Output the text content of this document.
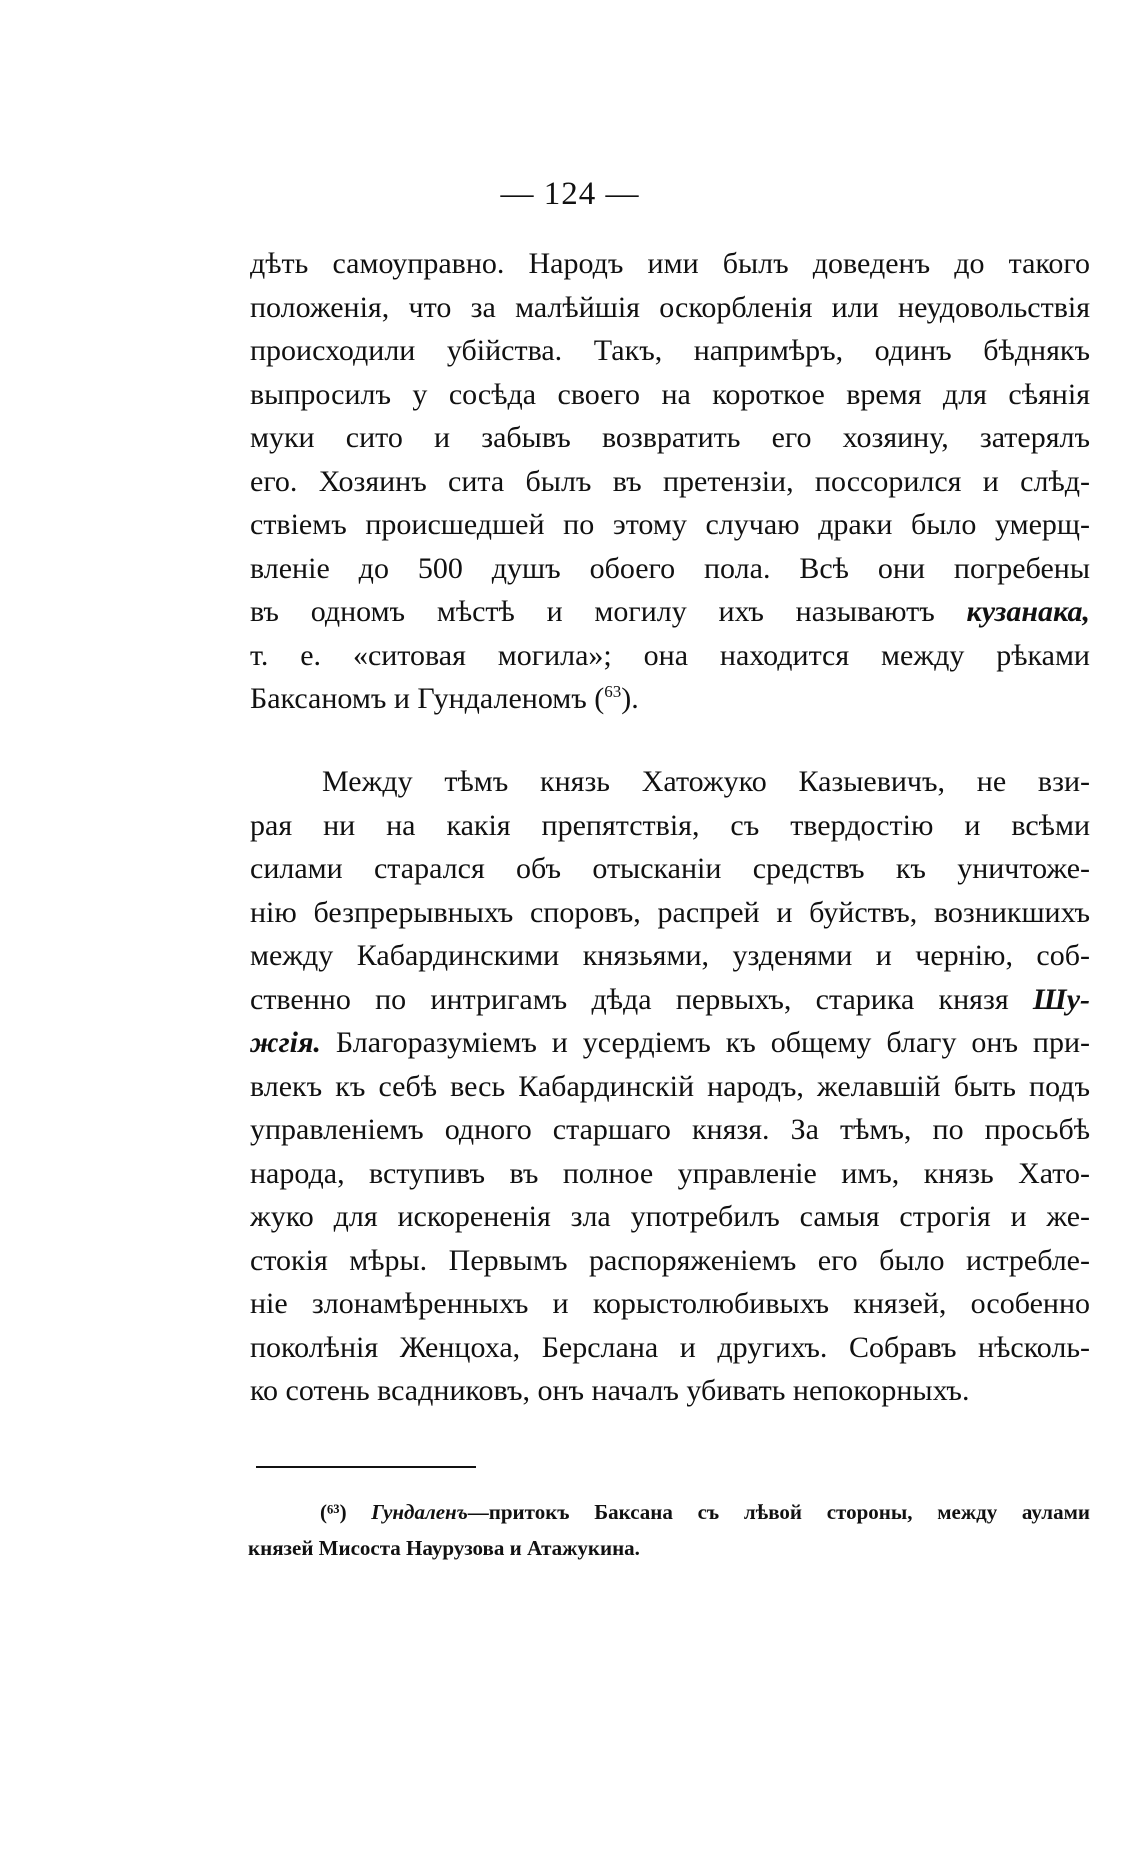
— 124 —
дѣть самоуправно. Народъ ими былъ доведенъ до такого
положенія, что за малѣйшія оскорбленія или неудовольствія
происходили убійства. Такъ, напримѣръ, одинъ бѣднякъ
выпросилъ у сосѣда своего на короткое время для сѣянія
муки сито и забывъ возвратить его хозяину, затерялъ
его. Хозяинъ сита былъ въ претензіи, поссорился и слѣд-
ствіемъ происшедшей по этому случаю драки было умерщ-
вленіе до 500 душъ обоего пола. Всѣ они погребены
въ одномъ мѣстѣ и могилу ихъ называютъ кузанака,
т. е. «ситовая могила»; она находится между рѣками
Баксаномъ и Гундаленомъ ($^{63}$).
Между тѣмъ князь Хатожуко Казыевичъ, не взи-
рая ни на какія препятствія, съ твердостію и всѣми
силами старался объ отысканіи средствъ къ уничтоже-
нію безпрерывныхъ споровъ, распрей и буйствъ, возникшихъ
между Кабардинскими князьями, узденями и чернію, соб-
ственно по интригамъ дѣда первыхъ, старика князя Шу-
жгія. Благоразуміемъ и усердіемъ къ общему благу онъ при-
влекъ къ себѣ весь Кабардинскій народъ, желавшій быть подъ
управленіемъ одного старшаго князя. За тѣмъ, по просьбѣ
народа, вступивъ въ полное управленіе имъ, князь Хато-
жуко для искорененія зла употребилъ самыя строгія и же-
стокія мѣры. Первымъ распоряженіемъ его было истребле-
ніе злонамѣренныхъ и корыстолюбивыхъ князей, особенно
поколѣнія Женцоха, Берслана и другихъ. Собравъ нѣсколь-
ко сотень всадниковъ, онъ началъ убивать непокорныхъ.
(⁶³) Гундаленъ—притокъ Баксана съ лѣвой стороны, между аулами
князей Мисоста Наурузова и Атажукина.
